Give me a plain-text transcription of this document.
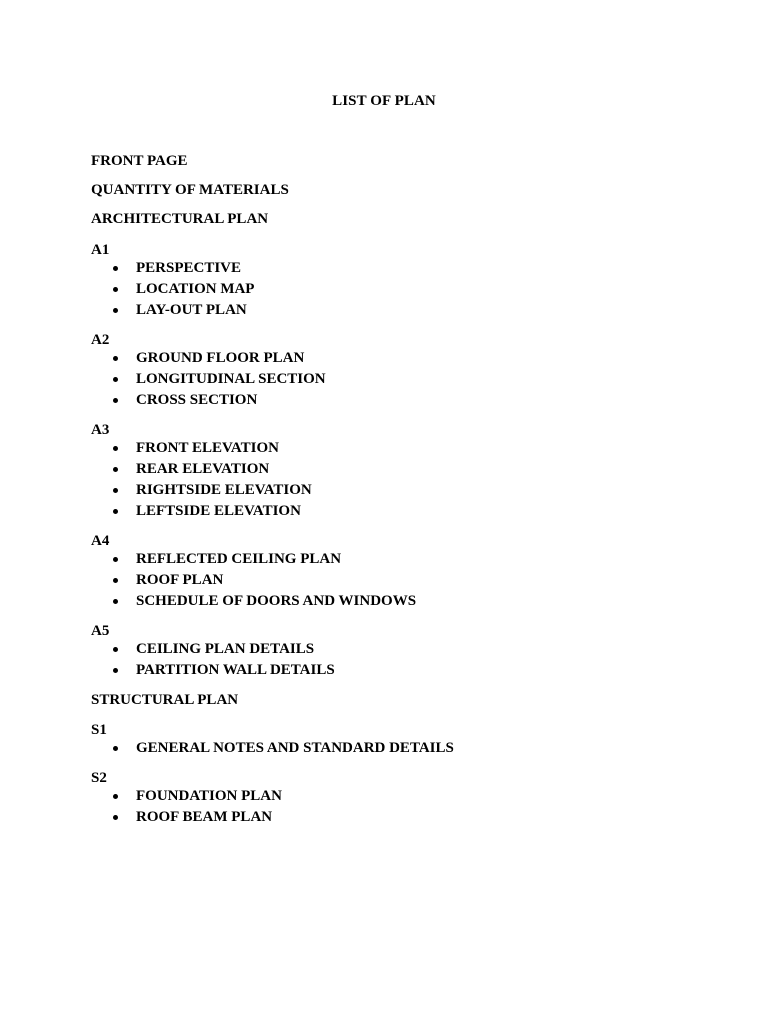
LIST OF PLAN
FRONT PAGE
QUANTITY OF MATERIALS
ARCHITECTURAL PLAN
A1
PERSPECTIVE
LOCATION MAP
LAY-OUT PLAN
A2
GROUND FLOOR PLAN
LONGITUDINAL SECTION
CROSS SECTION
A3
FRONT ELEVATION
REAR ELEVATION
RIGHTSIDE ELEVATION
LEFTSIDE ELEVATION
A4
REFLECTED CEILING PLAN
ROOF PLAN
SCHEDULE OF DOORS AND WINDOWS
A5
CEILING PLAN DETAILS
PARTITION WALL DETAILS
STRUCTURAL PLAN
S1
GENERAL NOTES AND STANDARD DETAILS
S2
FOUNDATION PLAN
ROOF BEAM PLAN
